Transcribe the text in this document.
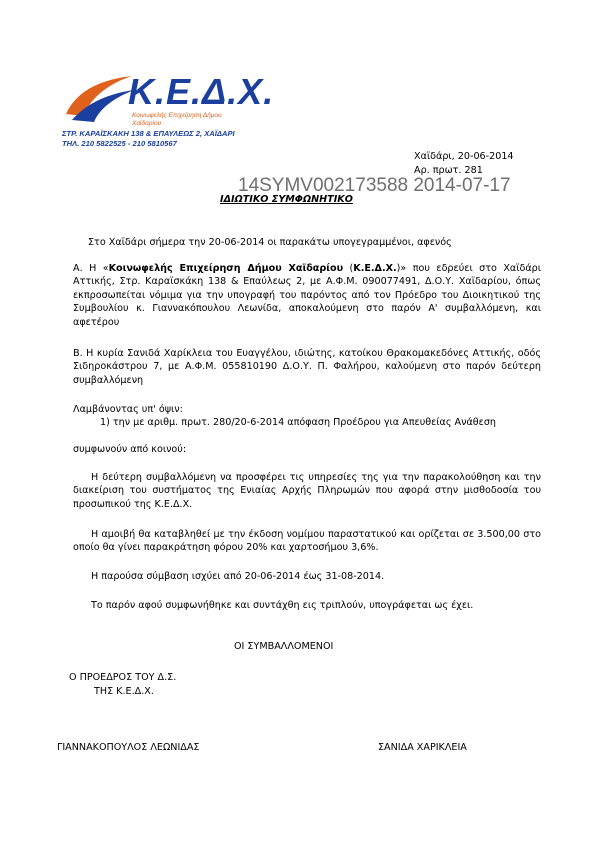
Κ.Ε.Δ.Χ.
Κοινωφελής Επιχείρηση Δήμου Χαϊδαρίου
ΣΤΡ. ΚΑΡΑΪΣΚΑΚΗ 138 & ΕΠΑΥΛΕΩΣ 2, ΧΑΪΔΑΡΙ
ΤΗΛ. 210 5822525 - 210 5810567
Χαϊδάρι, 20-06-2014
Αρ. πρωτ. 281
ΙΔΙΩΤΙΚΟ ΣΥΜΦΩΝΗΤΙΚΟ
14SYMV002173588 2014-07-17
Στο Χαϊδάρι σήμερα την 20-06-2014 οι παρακάτω υπογεγραμμένοι, αφενός
Α. Η «Κοινωφελής Επιχείρηση Δήμου Χαϊδαρίου (Κ.Ε.Δ.Χ.)» που εδρεύει στο Χαϊδάρι Αττικής, Στρ. Καραϊσκάκη 138 & Επαύλεως 2, με Α.Φ.Μ. 090077491, Δ.Ο.Υ. Χαϊδαρίου, όπως εκπροσωπείται νόμιμα για την υπογραφή του παρόντος από τον Πρόεδρο του Διοικητικού της Συμβουλίου κ. Γιαννακόπουλου Λεωνίδα, αποκαλούμενη στο παρόν Α' συμβαλλόμενη, και αφετέρου
Β. Η κυρία Σανιδά Χαρίκλεια του Ευαγγέλου, ιδιώτης, κατοίκου Θρακομακεδόνες Αττικής, οδός Σιδηροκάστρου 7, με Α.Φ.Μ. 055810190 Δ.Ο.Υ. Π. Φαλήρου, καλούμενη στο παρόν δεύτερη συμβαλλόμενη
Λαμβάνοντας υπ' όψιν:
1) την με αριθμ. πρωτ. 280/20-6-2014 απόφαση Προέδρου για Απευθείας Ανάθεση
συμφωνούν από κοινού:
Η δεύτερη συμβαλλόμενη να προσφέρει τις υπηρεσίες της για την παρακολούθηση και την διακείριση του συστήματος της Ενιαίας Αρχής Πληρωμών που αφορά στην μισθοδοσία του προσωπικού της Κ.Ε.Δ.Χ.
Η αμοιβή θα καταβληθεί με την έκδοση νομίμου παραστατικού και ορίζεται σε 3.500,00 στο οποίο θα γίνει παρακράτηση φόρου 20% και χαρτοσήμου 3,6%.
Η παρούσα σύμβαση ισχύει από 20-06-2014 έως 31-08-2014.
Το παρόν αφού συμφωνήθηκε και συντάχθη εις τριπλούν, υπογράφεται ως έχει.
ΟΙ ΣΥΜΒΑΛΛΟΜΕΝΟΙ
Ο ΠΡΟΕΔΡΟΣ ΤΟΥ Δ.Σ.
ΤΗΣ Κ.Ε.Δ.Χ.
ΓΙΑΝΝΑΚΟΠΟΥΛΟΣ ΛΕΩΝΙΔΑΣ	ΣΑΝΙΔΑ ΧΑΡΙΚΛΕΙΑ
